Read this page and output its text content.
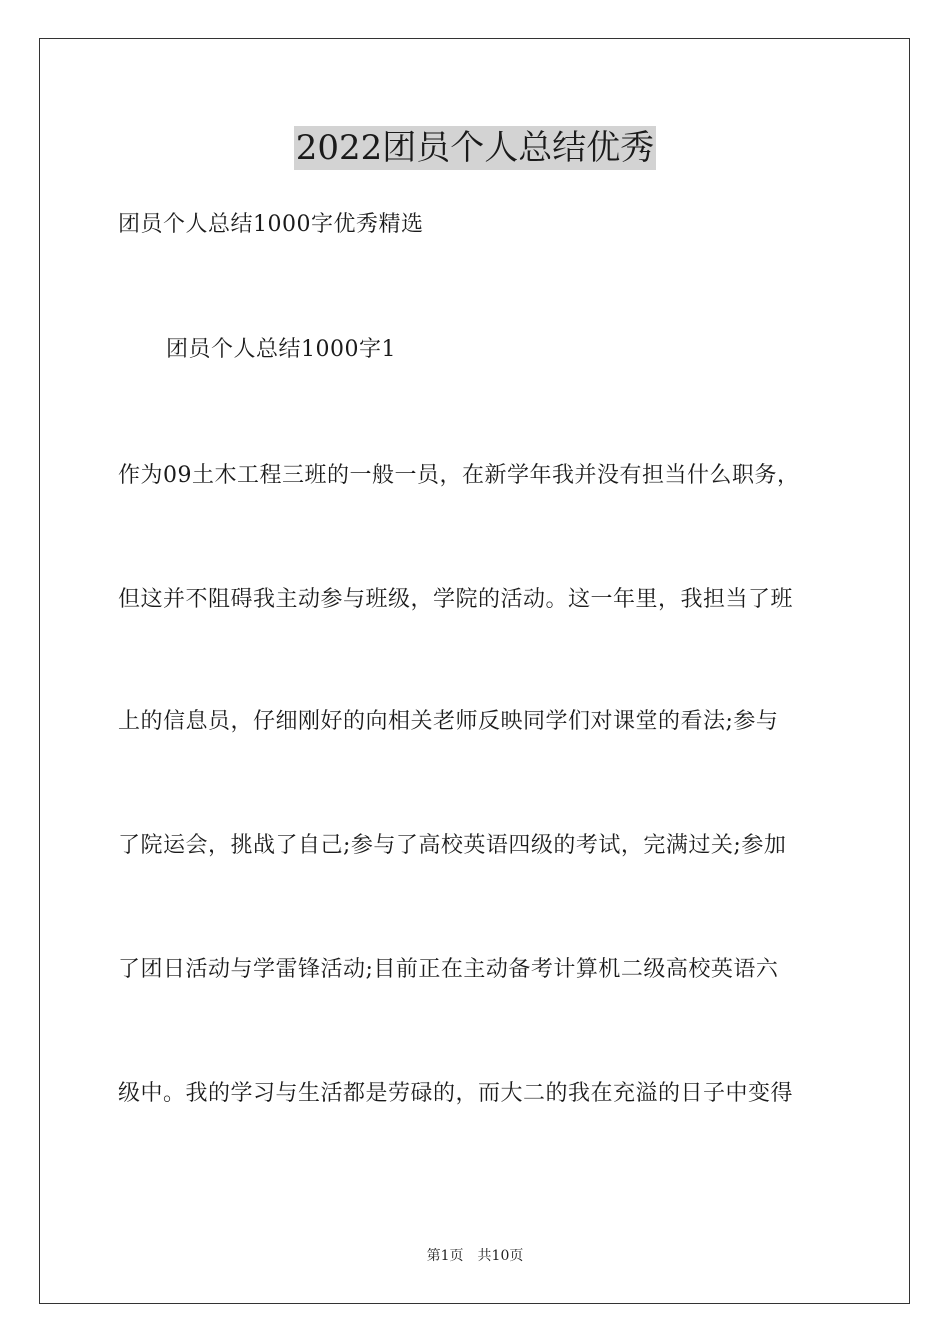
2022团员个人总结优秀
团员个人总结1000字优秀精选
团员个人总结1000字1
作为09土木工程三班的一般一员，在新学年我并没有担当什么职务，
但这并不阻碍我主动参与班级，学院的活动。这一年里，我担当了班
上的信息员，仔细刚好的向相关老师反映同学们对课堂的看法;参与
了院运会，挑战了自己;参与了高校英语四级的考试，完满过关;参加
了团日活动与学雷锋活动;目前正在主动备考计算机二级高校英语六
级中。我的学习与生活都是劳碌的，而大二的我在充溢的日子中变得
第1页 共10页
